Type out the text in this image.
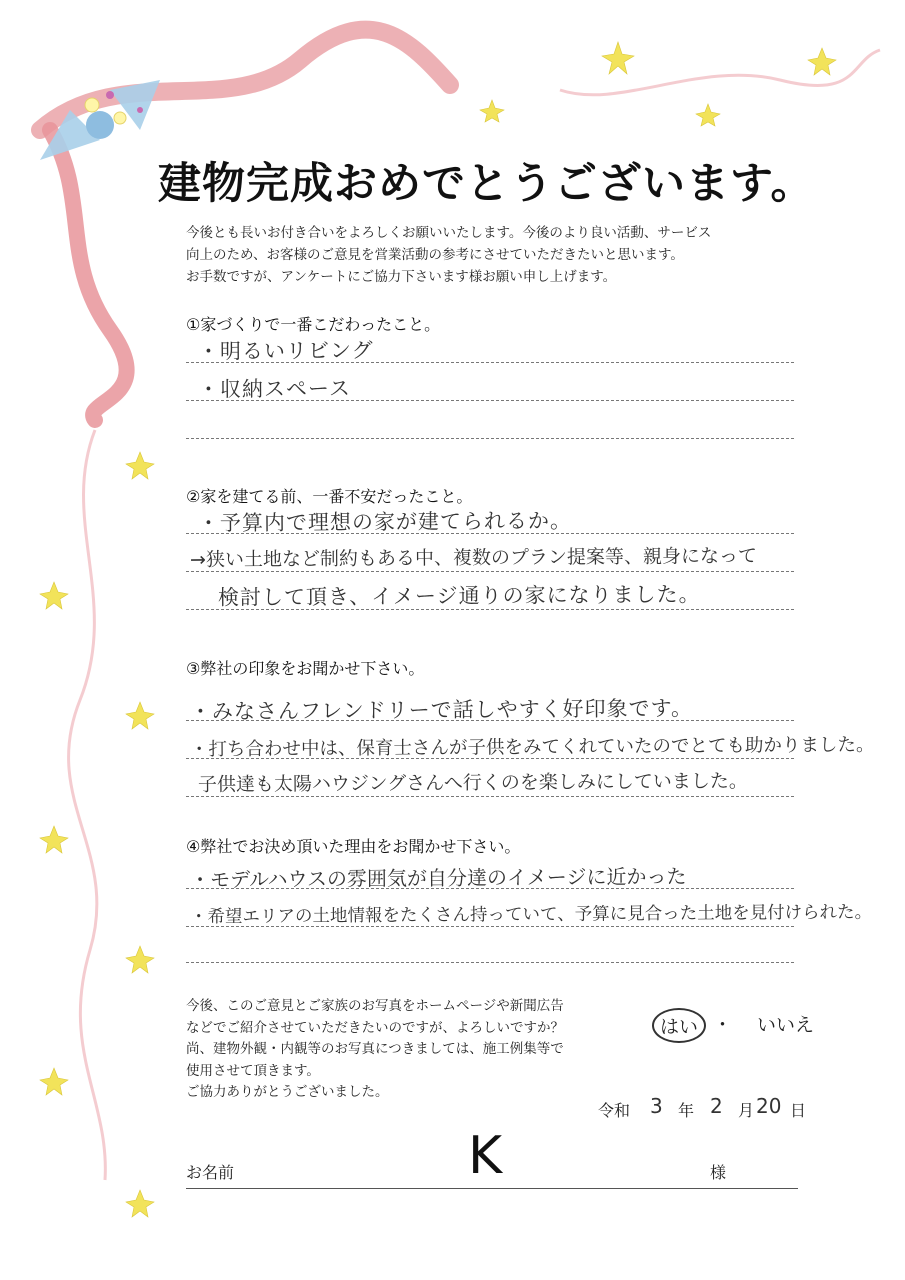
建物完成おめでとうございます。
今後とも長いお付き合いをよろしくお願いいたします。今後のより良い活動、サービス
向上のため、お客様のご意見を営業活動の参考にさせていただきたいと思います。
お手数ですが、アンケートにご協力下さいます様お願い申し上げます。
①家づくりで一番こだわったこと。
・明るいリビング
・収納スペース
②家を建てる前、一番不安だったこと。
・予算内で理想の家が建てられるか。
→狭い土地など制約もある中、複数のプラン提案等、親身になって
検討して頂き、イメージ通りの家になりました。
③弊社の印象をお聞かせ下さい。
・みなさんフレンドリーで話しやすく好印象です。
・打ち合わせ中は、保育士さんが子供をみてくれていたのでとても助かりました。
子供達も太陽ハウジングさんへ行くのを楽しみにしていました。
④弊社でお決め頂いた理由をお聞かせ下さい。
・モデルハウスの雰囲気が自分達のイメージに近かった
・希望エリアの土地情報をたくさん持っていて、予算に見合った土地を見付けられた。
今後、このご意見とご家族のお写真をホームページや新聞広告
などでご紹介させていただきたいのですが、よろしいですか？
尚、建物外観・内観等のお写真につきましては、施工例集等で
使用させて頂きます。
ご協力ありがとうございました。
はい ・ いいえ
令和 3 年 2 月 20 日
お名前	K	様
